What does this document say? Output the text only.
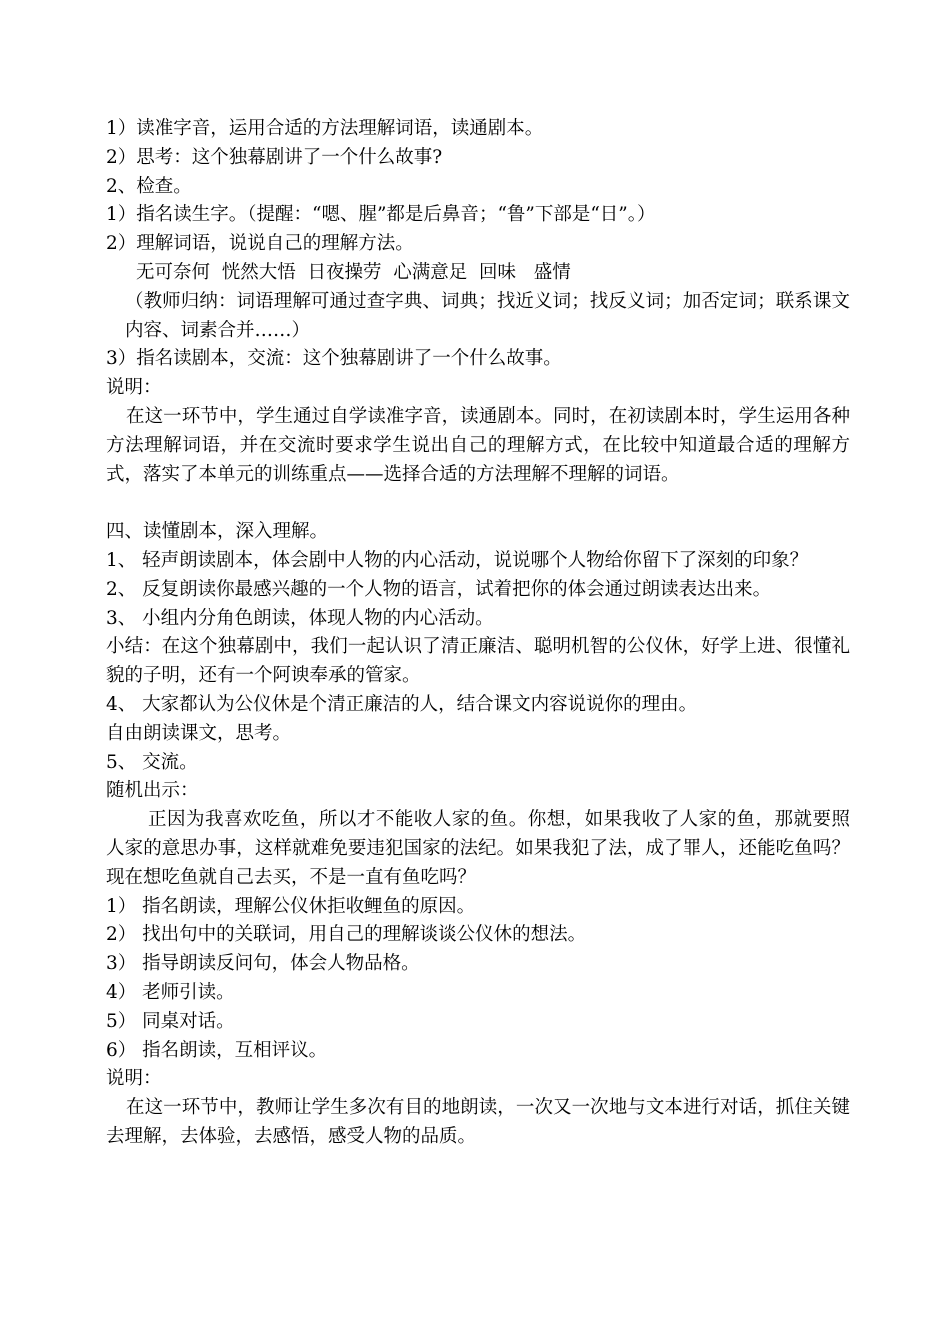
1）读准字音，运用合适的方法理解词语，读通剧本。
2）思考：这个独幕剧讲了一个什么故事?
2、检查。
1）指名读生字。（提醒：“嗯、腥”都是后鼻音；“鲁”下部是“日”。）
2）理解词语，说说自己的理解方法。
无可奈何  恍然大悟  日夜操劳  心满意足  回味   盛情
（教师归纳：词语理解可通过查字典、词典；找近义词；找反义词；加否定词；联系课文内容、词素合并……）
3）指名读剧本，交流：这个独幕剧讲了一个什么故事。
说明：
在这一环节中，学生通过自学读准字音，读通剧本。同时，在初读剧本时，学生运用各种方法理解词语，并在交流时要求学生说出自己的理解方式，在比较中知道最合适的理解方式，落实了本单元的训练重点——选择合适的方法理解不理解的词语。
四、读懂剧本，深入理解。
1、 轻声朗读剧本，体会剧中人物的内心活动，说说哪个人物给你留下了深刻的印象？
2、 反复朗读你最感兴趣的一个人物的语言，试着把你的体会通过朗读表达出来。
3、 小组内分角色朗读，体现人物的内心活动。
小结：在这个独幕剧中，我们一起认识了清正廉洁、聪明机智的公仪休，好学上进、很懂礼貌的子明，还有一个阿谀奉承的管家。
4、 大家都认为公仪休是个清正廉洁的人，结合课文内容说说你的理由。
自由朗读课文，思考。
5、 交流。
随机出示：
正因为我喜欢吃鱼，所以才不能收人家的鱼。你想，如果我收了人家的鱼，那就要照人家的意思办事，这样就难免要违犯国家的法纪。如果我犯了法，成了罪人，还能吃鱼吗？现在想吃鱼就自己去买，不是一直有鱼吃吗？
1） 指名朗读，理解公仪休拒收鲤鱼的原因。
2） 找出句中的关联词，用自己的理解谈谈公仪休的想法。
3） 指导朗读反问句，体会人物品格。
4） 老师引读。
5） 同桌对话。
6） 指名朗读，互相评议。
说明：
在这一环节中，教师让学生多次有目的地朗读，一次又一次地与文本进行对话，抓住关键去理解，去体验，去感悟，感受人物的品质。
